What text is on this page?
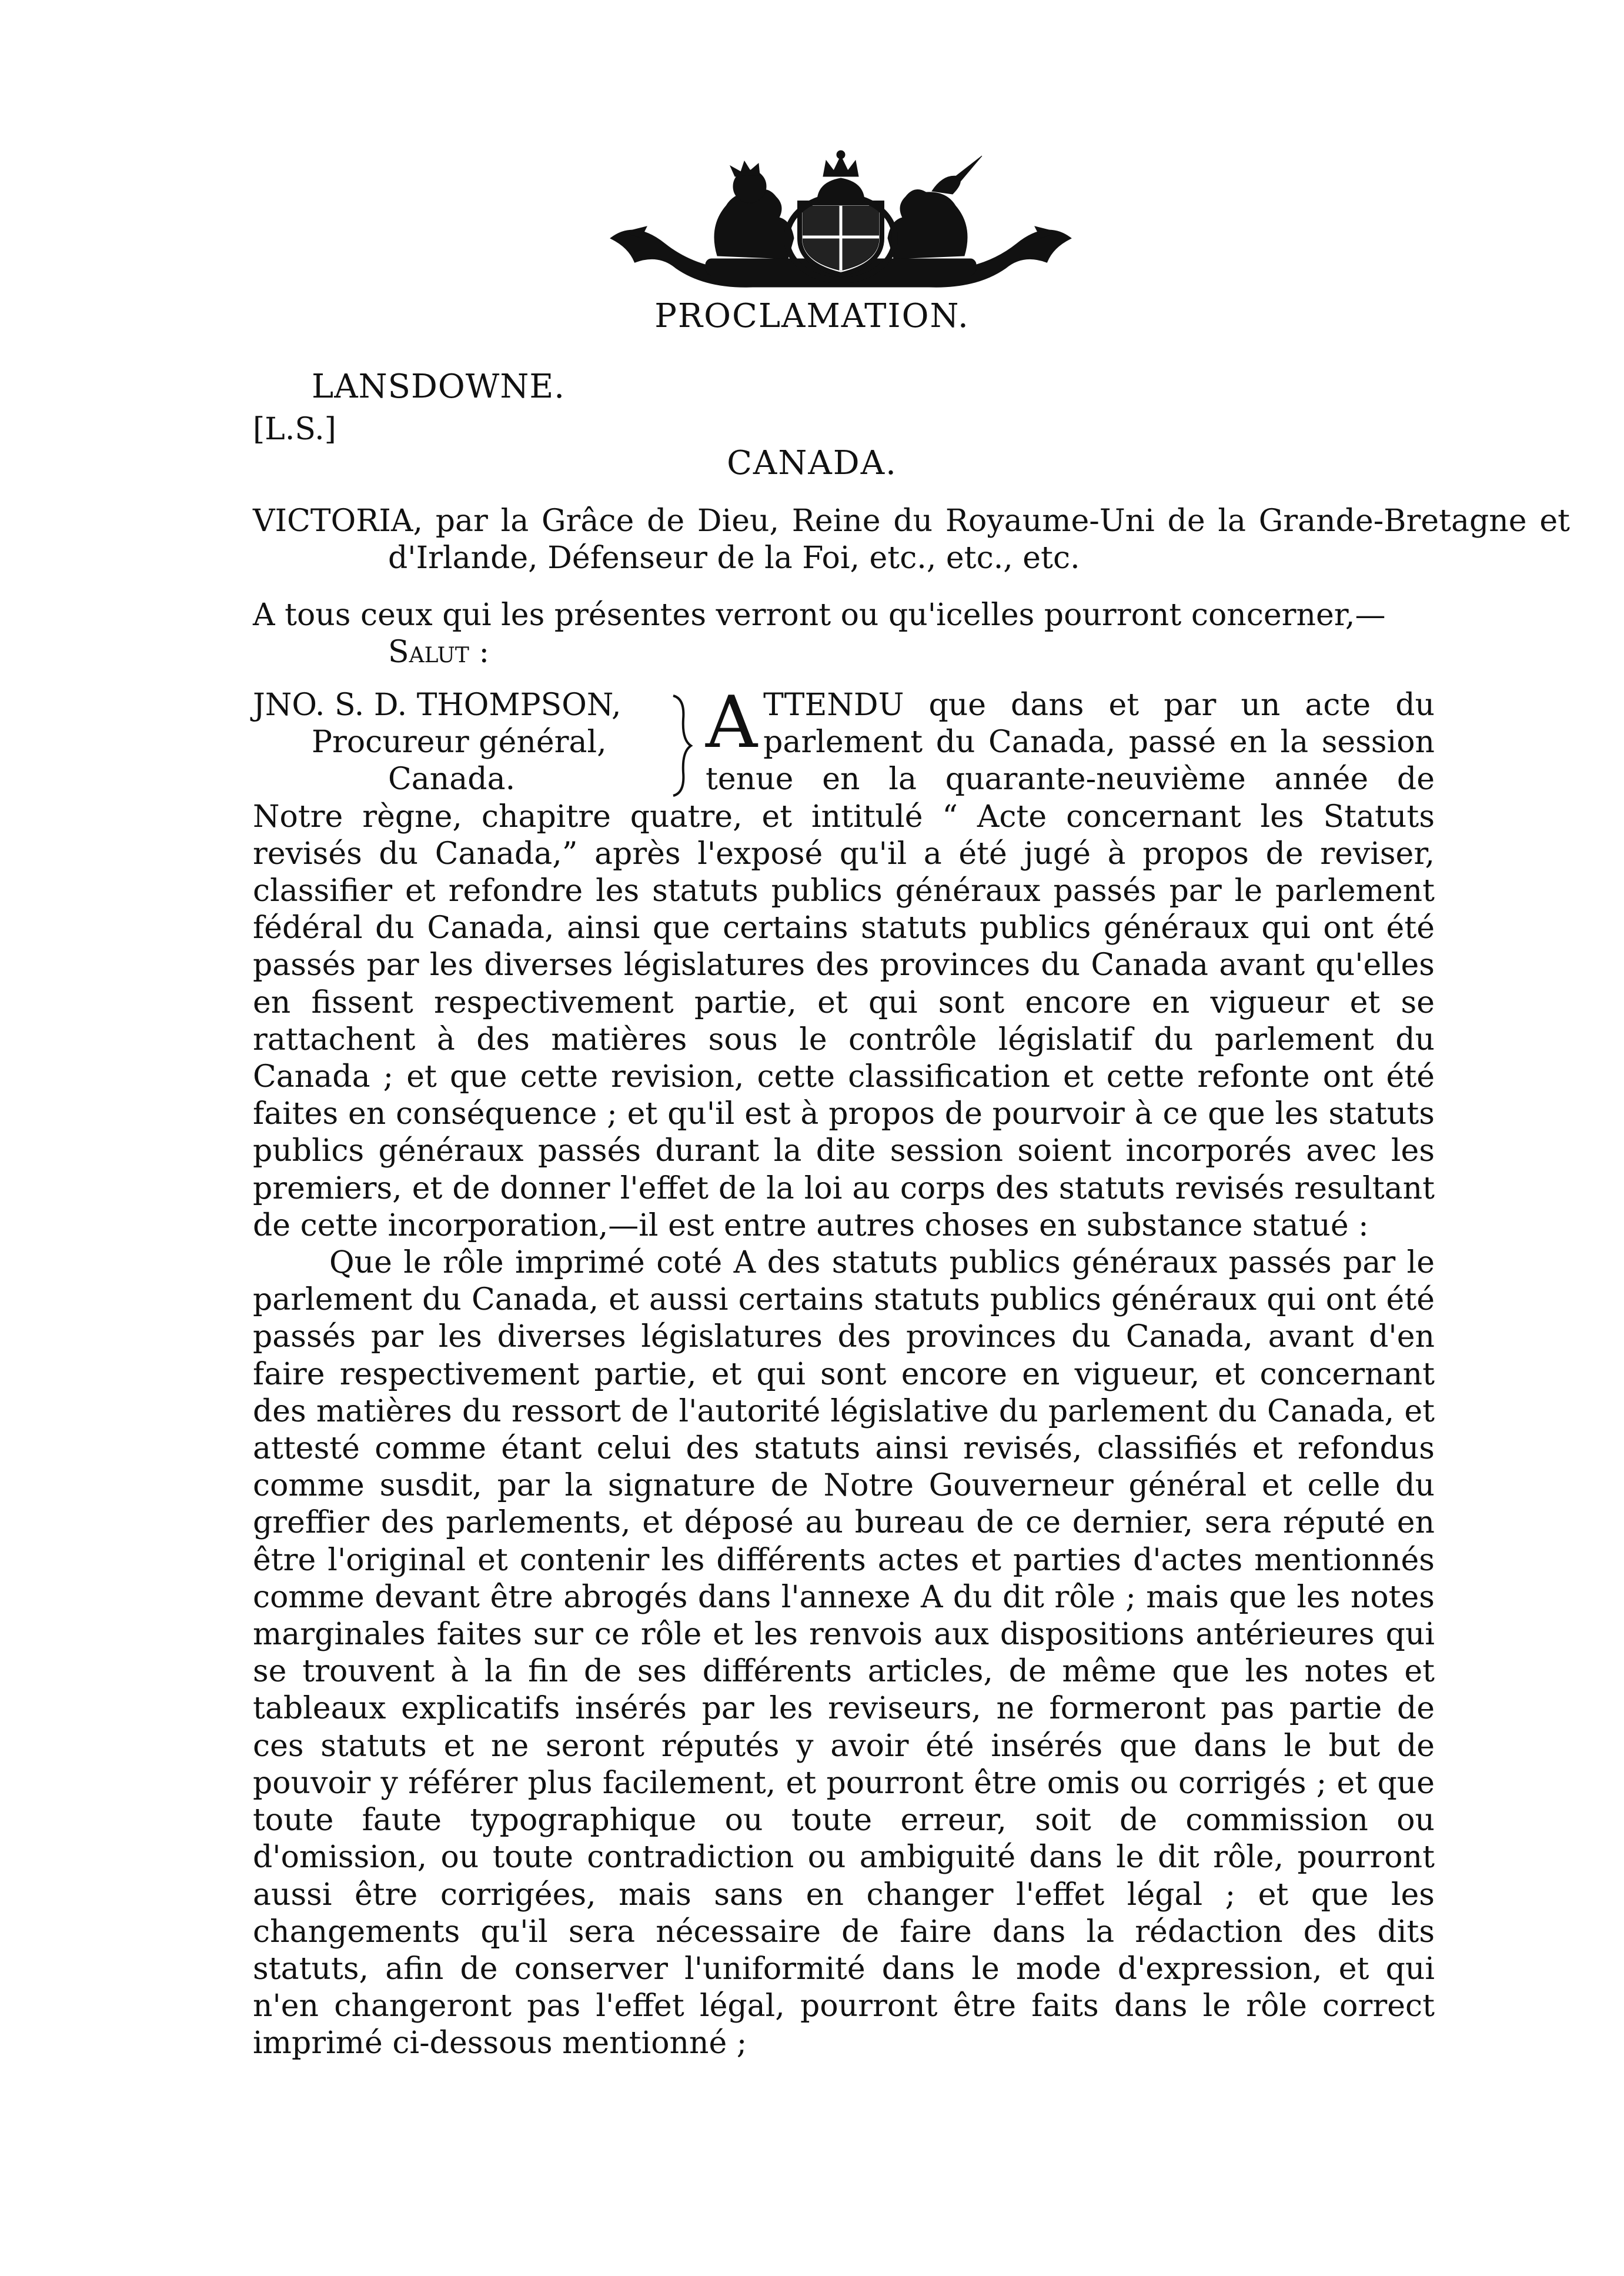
PROCLAMATION.
LANSDOWNE.
[L.S.]
CANADA.
VICTORIA, par la Grâce de Dieu, Reine du Royaume-Uni de la Grande-Bretagne et d'Irlande, Défenseur de la Foi, etc., etc., etc.
A tous ceux qui les présentes verront ou qu'icelles pourront concerner,—
Salut :
A TTENDU que dans et par un acte du parlement du Canada, passé en la session tenue en la quarante-neuvième année de Notre règne, chapitre quatre, et intitulé “ Acte concernant les Statuts revisés du Canada,” après l'exposé qu'il a été jugé à propos de reviser, classifier et refondre les statuts publics généraux passés par le parlement fédéral du Canada, ainsi que certains statuts publics généraux qui ont été passés par les diverses législatures des provinces du Canada avant qu'elles en fissent respectivement partie, et qui sont encore en vigueur et se rattachent à des matières sous le contrôle législatif du parlement du Canada ; et que cette revision, cette classification et cette refonte ont été faites en conséquence ; et qu'il est à propos de pourvoir à ce que les statuts publics généraux passés durant la dite session soient incorporés avec les premiers, et de donner l'effet de la loi au corps des statuts revisés resultant de cette incorporation,—il est entre autres choses en substance statué :

Que le rôle imprimé coté A des statuts publics généraux passés par le parlement du Canada, et aussi certains statuts publics généraux qui ont été passés par les diverses législatures des provinces du Canada, avant d'en faire respectivement partie, et qui sont encore en vigueur, et concernant des matières du ressort de l'autorité législative du parlement du Canada, et attesté comme étant celui des statuts ainsi revisés, classifiés et refondus comme susdit, par la signature de Notre Gouverneur général et celle du greffier des parlements, et déposé au bureau de ce dernier, sera réputé en être l'original et contenir les différents actes et parties d'actes mentionnés comme devant être abrogés dans l'annexe A du dit rôle ; mais que les notes marginales faites sur ce rôle et les renvois aux dispositions antérieures qui se trouvent à la fin de ses différents articles, de même que les notes et tableaux explicatifs insérés par les reviseurs, ne formeront pas partie de ces statuts et ne seront réputés y avoir été insérés que dans le but de pouvoir y référer plus facilement, et pourront être omis ou corrigés ; et que toute faute typographique ou toute erreur, soit de commission ou d'omission, ou toute contradiction ou ambiguité dans le dit rôle, pourront aussi être corrigées, mais sans en changer l'effet légal ; et que les changements qu'il sera nécessaire de faire dans la rédaction des dits statuts, afin de conserver l'uniformité dans le mode d'expression, et qui n'en changeront pas l'effet légal, pourront être faits dans le rôle correct imprimé ci-dessous mentionné ;

JNO. S. D. THOMPSON,
Procureur général,
Canada.
